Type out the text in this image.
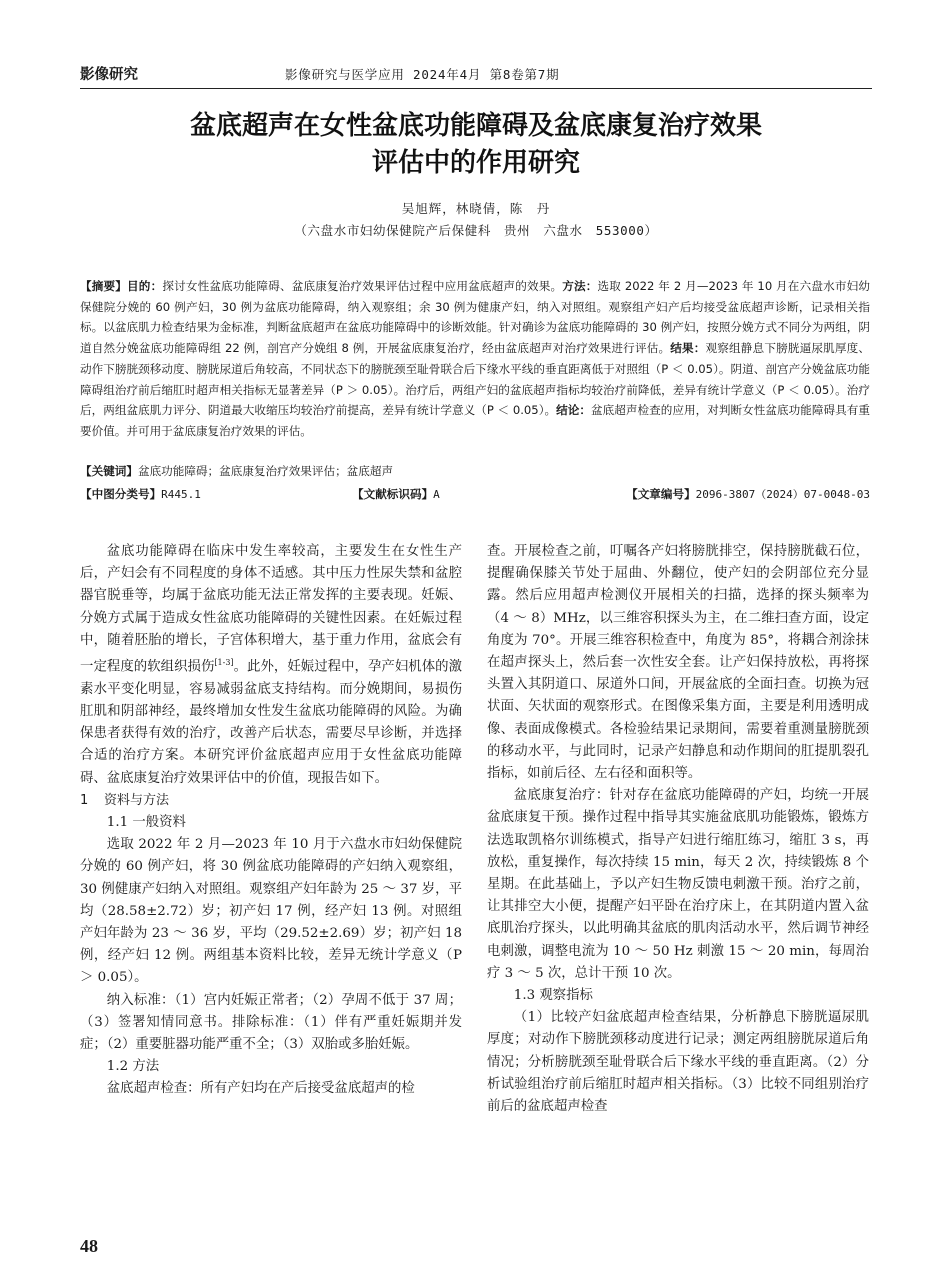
影像研究	影像研究与医学应用 2024年4月 第8卷第7期
盆底超声在女性盆底功能障碍及盆底康复治疗效果
评估中的作用研究
吴旭辉，林晓倩，陈　丹
（六盘水市妇幼保健院产后保健科　贵州　六盘水　553000）
【摘要】目的：探讨女性盆底功能障碍、盆底康复治疗效果评估过程中应用盆底超声的效果。方法：选取 2022 年 2 月—2023 年 10 月在六盘水市妇幼保健院分娩的 60 例产妇，30 例为盆底功能障碍，纳入观察组；余 30 例为健康产妇，纳入对照组。观察组产妇产后均接受盆底超声诊断，记录相关指标。以盆底肌力检查结果为金标准，判断盆底超声在盆底功能障碍中的诊断效能。针对确诊为盆底功能障碍的 30 例产妇，按照分娩方式不同分为两组，阴道自然分娩盆底功能障碍组 22 例，剖宫产分娩组 8 例，开展盆底康复治疗，经由盆底超声对治疗效果进行评估。结果：观察组静息下膀胱逼尿肌厚度、动作下膀胱颈移动度、膀胱尿道后角较高，不同状态下的膀胱颈至耻骨联合后下缘水平线的垂直距离低于对照组（P ＜ 0.05）。阴道、剖宫产分娩盆底功能障碍组治疗前后缩肛时超声相关指标无显著差异（P ＞ 0.05）。治疗后，两组产妇的盆底超声指标均较治疗前降低，差异有统计学意义（P ＜ 0.05）。治疗后，两组盆底肌力评分、阴道最大收缩压均较治疗前提高，差异有统计学意义（P ＜ 0.05）。结论：盆底超声检查的应用，对判断女性盆底功能障碍具有重要价值。并可用于盆底康复治疗效果的评估。
【关键词】盆底功能障碍；盆底康复治疗效果评估；盆底超声
【中图分类号】R445.1	【文献标识码】A	【文章编号】2096-3807（2024）07-0048-03

盆底功能障碍在临床中发生率较高，主要发生在女性生产后，产妇会有不同程度的身体不适感。其中压力性尿失禁和盆腔器官脱垂等，均属于盆底功能无法正常发挥的主要表现。妊娠、分娩方式属于造成女性盆底功能障碍的关键性因素。在妊娠过程中，随着胚胎的增长，子宫体积增大，基于重力作用，盆底会有一定程度的软组织损伤[1-3]。此外，妊娠过程中，孕产妇机体的激素水平变化明显，容易减弱盆底支持结构。而分娩期间，易损伤肛肌和阴部神经，最终增加女性发生盆底功能障碍的风险。为确保患者获得有效的治疗，改善产后状态，需要尽早诊断，并选择合适的治疗方案。本研究评价盆底超声应用于女性盆底功能障碍、盆底康复治疗效果评估中的价值，现报告如下。

1 资料与方法

1.1 一般资料

选取 2022 年 2 月—2023 年 10 月于六盘水市妇幼保健院分娩的 60 例产妇，将 30 例盆底功能障碍的产妇纳入观察组，30 例健康产妇纳入对照组。观察组产妇年龄为 25 ～ 37 岁，平均（28.58±2.72）岁；初产妇 17 例，经产妇 13 例。对照组产妇年龄为 23 ～ 36 岁，平均（29.52±2.69）岁；初产妇 18 例，经产妇 12 例。两组基本资料比较，差异无统计学意义（P ＞ 0.05）。

纳入标准：（1）宫内妊娠正常者；（2）孕周不低于 37 周；（3）签署知情同意书。排除标准：（1）伴有严重妊娠期并发症；（2）重要脏器功能严重不全；（3）双胎或多胎妊娠。

1.2 方法

盆底超声检查：所有产妇均在产后接受盆底超声的检

查。开展检查之前，叮嘱各产妇将膀胱排空，保持膀胱截石位，提醒确保膝关节处于屈曲、外翻位，使产妇的会阴部位充分显露。然后应用超声检测仪开展相关的扫描，选择的探头频率为（4 ～ 8）MHz，以三维容积探头为主，在二维扫查方面，设定角度为 70°。开展三维容积检查中，角度为 85°，将耦合剂涂抹在超声探头上，然后套一次性安全套。让产妇保持放松，再将探头置入其阴道口、尿道外口间，开展盆底的全面扫查。切换为冠状面、矢状面的观察形式。在图像采集方面，主要是利用透明成像、表面成像模式。各检验结果记录期间，需要着重测量膀胱颈的移动水平，与此同时，记录产妇静息和动作期间的肛提肌裂孔指标，如前后径、左右径和面积等。

盆底康复治疗：针对存在盆底功能障碍的产妇，均统一开展盆底康复干预。操作过程中指导其实施盆底肌功能锻炼，锻炼方法选取凯格尔训练模式，指导产妇进行缩肛练习，缩肛 3 s，再放松，重复操作，每次持续 15 min，每天 2 次，持续锻炼 8 个星期。在此基础上，予以产妇生物反馈电刺激干预。治疗之前，让其排空大小便，提醒产妇平卧在治疗床上，在其阴道内置入盆底肌治疗探头，以此明确其盆底的肌肉活动水平，然后调节神经电刺激，调整电流为 10 ～ 50 Hz 刺激 15 ～ 20 min，每周治疗 3 ～ 5 次，总计干预 10 次。

1.3 观察指标

（1）比较产妇盆底超声检查结果，分析静息下膀胱逼尿肌厚度；对动作下膀胱颈移动度进行记录；测定两组膀胱尿道后角情况；分析膀胱颈至耻骨联合后下缘水平线的垂直距离。（2）分析试验组治疗前后缩肛时超声相关指标。（3）比较不同组别治疗前后的盆底超声检查

48
